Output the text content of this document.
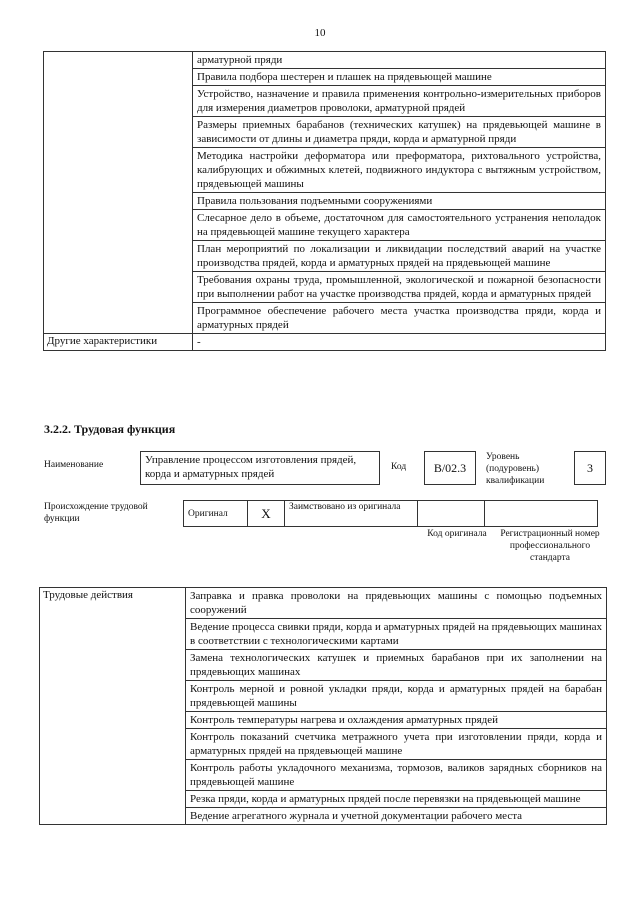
10
	арматурной пряди
	Правила подбора шестерен и плашек на прядевьющей машине
	Устройство, назначение и правила применения контрольно-измерительных приборов для измерения диаметров проволоки, арматурной прядей
	Размеры приемных барабанов (технических катушек) на прядевьющей машине в зависимости от длины и диаметра пряди, корда и арматурной пряди
	Методика настройки деформатора или преформатора, рихтовального устройства, калибрующих и обжимных клетей, подвижного индуктора с вытяжным устройством, прядевьющей машины
	Правила пользования подъемными сооружениями
	Слесарное дело в объеме, достаточном для самостоятельного устранения неполадок на прядевьющей машине текущего характера
	План мероприятий по локализации и ликвидации последствий аварий на участке производства прядей, корда и арматурных прядей на прядевьющей машине
	Требования охраны труда, промышленной, экологической и пожарной безопасности при выполнении работ на участке производства прядей, корда и арматурных прядей
	Программное обеспечение рабочего места участка производства пряди, корда и арматурных прядей
Другие характеристики	-
3.2.2. Трудовая функция
Наименование	Управление процессом изготовления прядей, корда и арматурных прядей
Код B/02.3
Уровень (подуровень) квалификации
3
Происхождение трудовой функции
Оригинал	X	Заимствовано из оригинала		
Код оригинала	Регистрационный номер профессионального стандарта
Трудовые действия	Заправка и правка проволоки на прядевьющих машины с помощью подъемных сооружений
Ведение процесса свивки пряди, корда и арматурных прядей на прядевьющих машинах в соответствии с технологическими картами
Замена технологических катушек и приемных барабанов при их заполнении на прядевьющих машинах
Контроль мерной и ровной укладки пряди, корда и арматурных прядей на барабан прядевьющей машины
Контроль температуры нагрева и охлаждения арматурных прядей
Контроль показаний счетчика метражного учета при изготовлении пряди, корда и арматурных прядей на прядевьющей машине
Контроль работы укладочного механизма, тормозов, валиков зарядных сборников на прядевьющей машине
Резка пряди, корда и арматурных прядей после перевязки на прядевьющей машине
Ведение агрегатного журнала и учетной документации рабочего места
